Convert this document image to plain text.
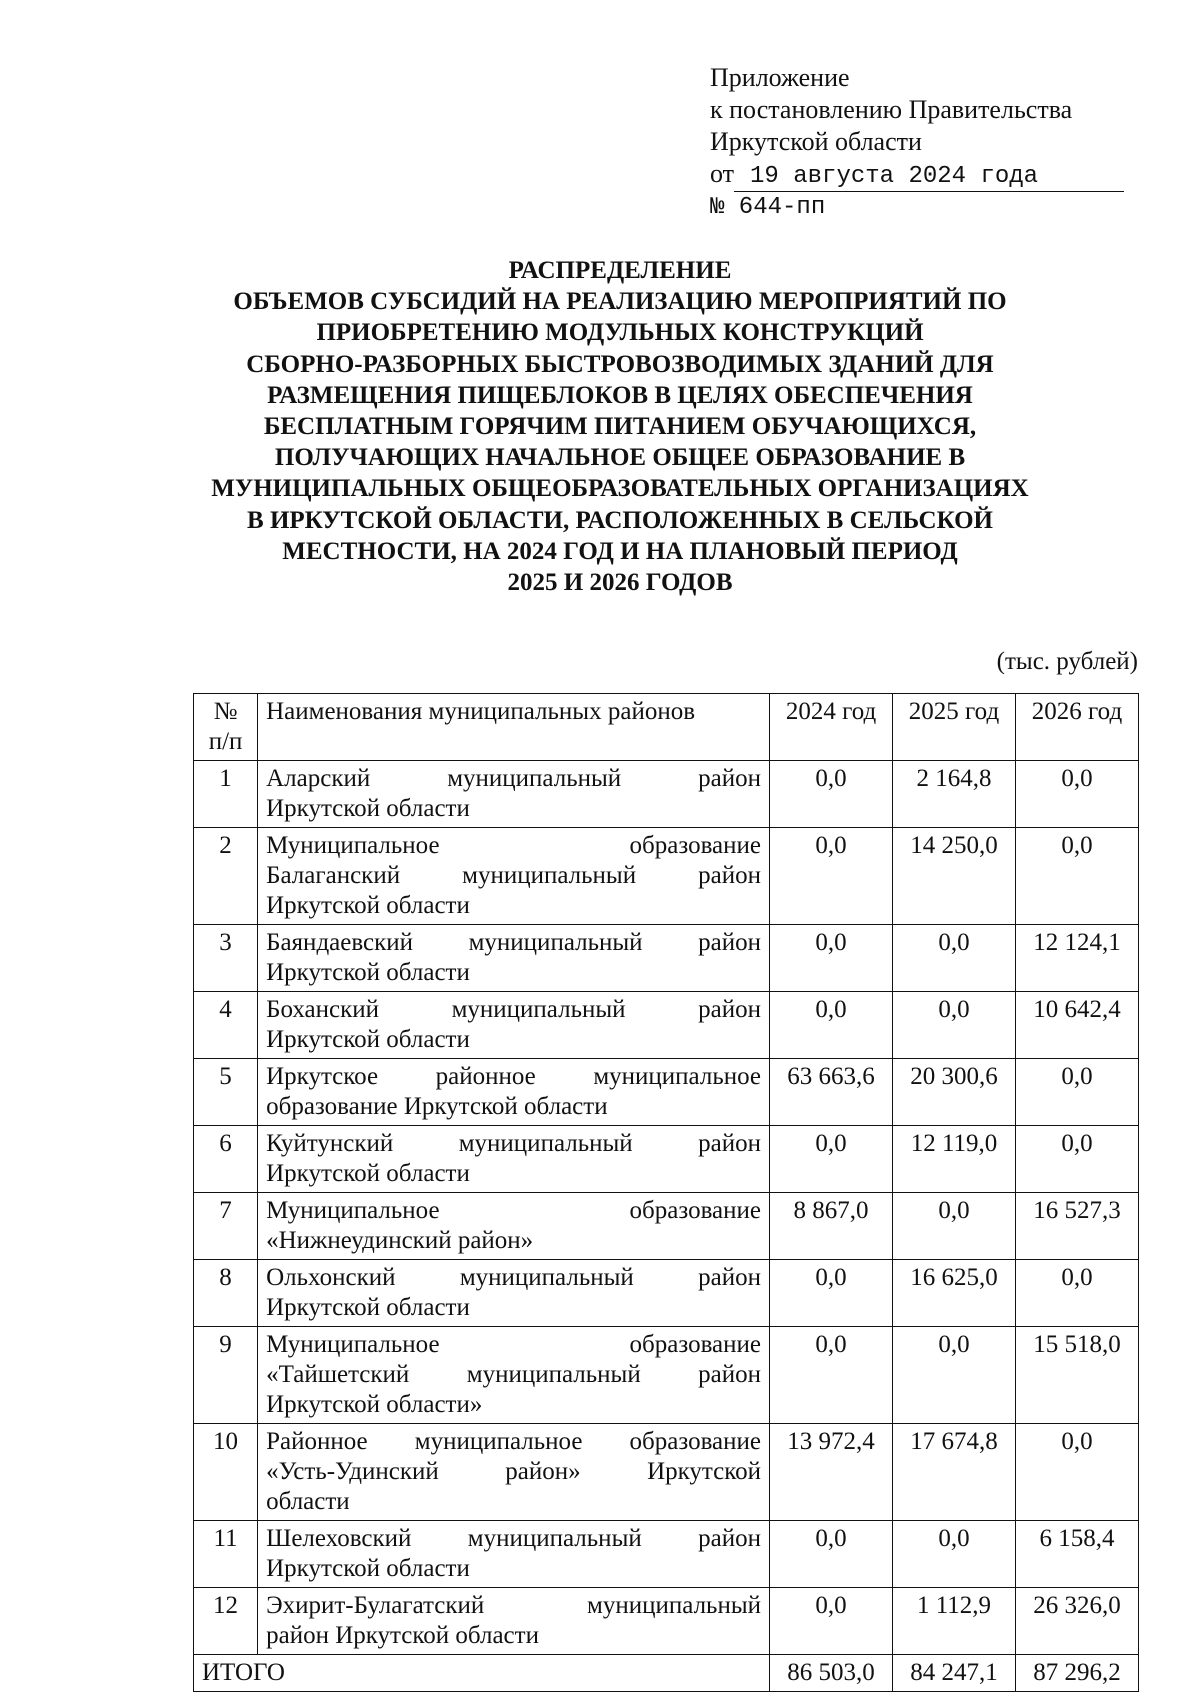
Приложение
к постановлению Правительства
Иркутской области
от 19 августа 2024 года
№ 644-пп
РАСПРЕДЕЛЕНИЕ
ОБЪЕМОВ СУБСИДИЙ НА РЕАЛИЗАЦИЮ МЕРОПРИЯТИЙ ПО
ПРИОБРЕТЕНИЮ МОДУЛЬНЫХ КОНСТРУКЦИЙ
СБОРНО-РАЗБОРНЫХ БЫСТРОВОЗВОДИМЫХ ЗДАНИЙ ДЛЯ
РАЗМЕЩЕНИЯ ПИЩЕБЛОКОВ В ЦЕЛЯХ ОБЕСПЕЧЕНИЯ
БЕСПЛАТНЫМ ГОРЯЧИМ ПИТАНИЕМ ОБУЧАЮЩИХСЯ,
ПОЛУЧАЮЩИХ НАЧАЛЬНОЕ ОБЩЕЕ ОБРАЗОВАНИЕ В
МУНИЦИПАЛЬНЫХ ОБЩЕОБРАЗОВАТЕЛЬНЫХ ОРГАНИЗАЦИЯХ
В ИРКУТСКОЙ ОБЛАСТИ, РАСПОЛОЖЕННЫХ В СЕЛЬСКОЙ
МЕСТНОСТИ, НА 2024 ГОД И НА ПЛАНОВЫЙ ПЕРИОД
2025 И 2026 ГОДОВ
(тыс. рублей)
№
п/п	Наименования муниципальных районов	2024 год	2025 год	2026 год
1	Аларский муниципальный район
Иркутской области	0,0	2 164,8	0,0
2	Муниципальное образование
Балаганский муниципальный район
Иркутской области	0,0	14 250,0	0,0
3	Баяндаевский муниципальный район
Иркутской области	0,0	0,0	12 124,1
4	Боханский муниципальный район
Иркутской области	0,0	0,0	10 642,4
5	Иркутское районное муниципальное
образование Иркутской области	63 663,6	20 300,6	0,0
6	Куйтунский муниципальный район
Иркутской области	0,0	12 119,0	0,0
7	Муниципальное образование
«Нижнеудинский район»	8 867,0	0,0	16 527,3
8	Ольхонский муниципальный район
Иркутской области	0,0	16 625,0	0,0
9	Муниципальное образование
«Тайшетский муниципальный район
Иркутской области»	0,0	0,0	15 518,0
10	Районное муниципальное образование
«Усть-Удинский район» Иркутской
области	13 972,4	17 674,8	0,0
11	Шелеховский муниципальный район
Иркутской области	0,0	0,0	6 158,4
12	Эхирит-Булагатский муниципальный
район Иркутской области	0,0	1 112,9	26 326,0
ИТОГО		86 503,0	84 247,1	87 296,2
